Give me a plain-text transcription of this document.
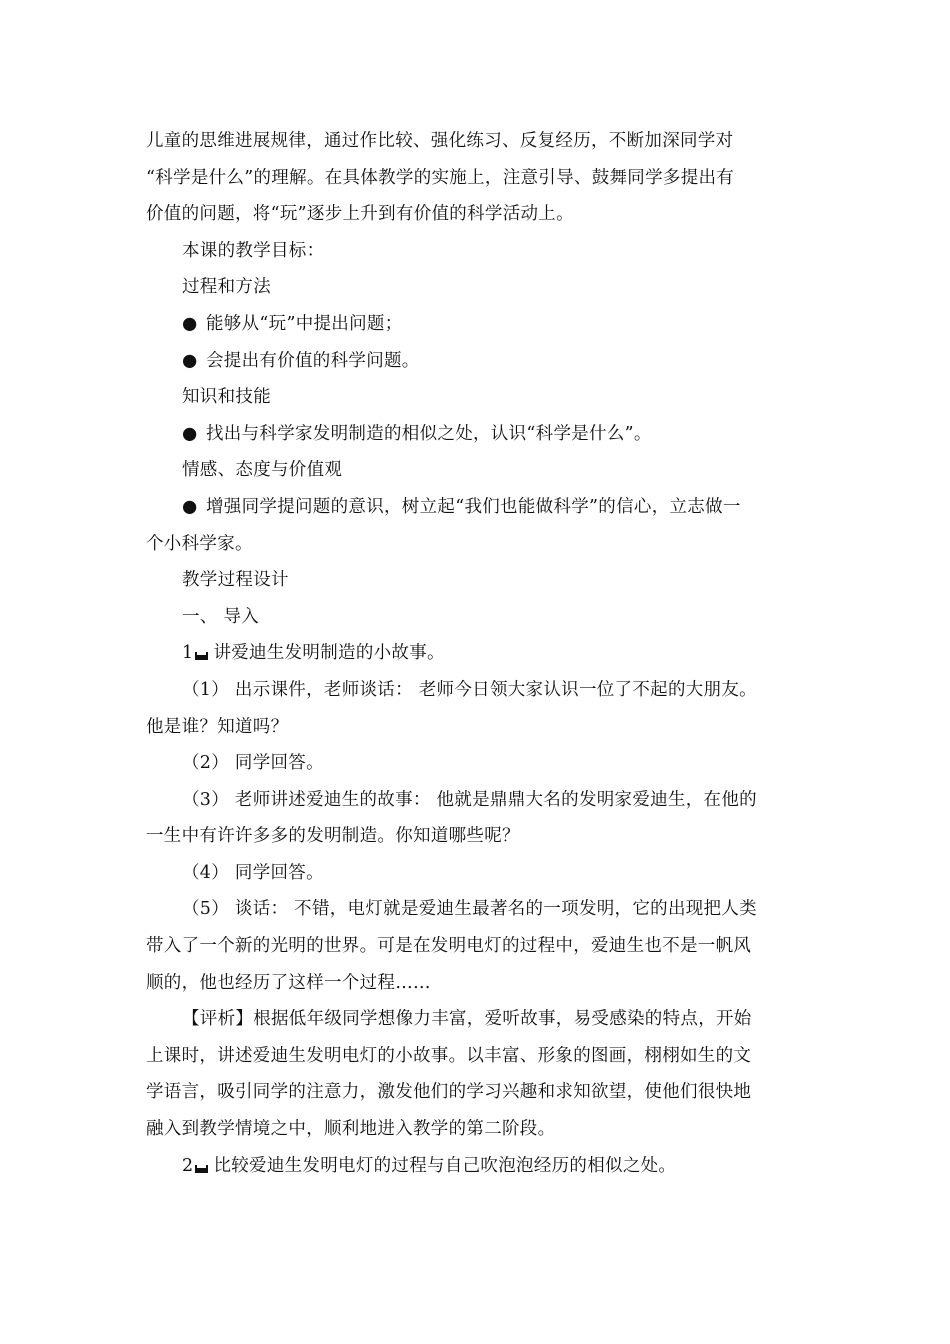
儿童的思维进展规律，通过作比较、强化练习、反复经历，不断加深同学对
“科学是什么”的理解。在具体教学的实施上，注意引导、鼓舞同学多提出有
价值的问题，将“玩”逐步上升到有价值的科学活动上。
本课的教学目标：
过程和方法
● 能够从“玩”中提出问题；
● 会提出有价值的科学问题。
知识和技能
● 找出与科学家发明制造的相似之处，认识“科学是什么”。
情感、态度与价值观
● 增强同学提问题的意识，树立起“我们也能做科学”的信心，立志做一
个小科学家。
教学过程设计
一、 导入
1 讲爱迪生发明制造的小故事。
（1） 出示课件，老师谈话： 老师今日领大家认识一位了不起的大朋友。
他是谁？知道吗？
（2） 同学回答。
（3） 老师讲述爱迪生的故事： 他就是鼎鼎大名的发明家爱迪生，在他的
一生中有许许多多的发明制造。你知道哪些呢？
（4） 同学回答。
（5） 谈话： 不错，电灯就是爱迪生最著名的一项发明，它的出现把人类
带入了一个新的光明的世界。可是在发明电灯的过程中，爱迪生也不是一帆风
顺的，他也经历了这样一个过程……
【评析】根据低年级同学想像力丰富，爱听故事，易受感染的特点，开始
上课时，讲述爱迪生发明电灯的小故事。以丰富、形象的图画，栩栩如生的文
学语言，吸引同学的注意力，激发他们的学习兴趣和求知欲望，使他们很快地
融入到教学情境之中，顺利地进入教学的第二阶段。
2 比较爱迪生发明电灯的过程与自己吹泡泡经历的相似之处。
